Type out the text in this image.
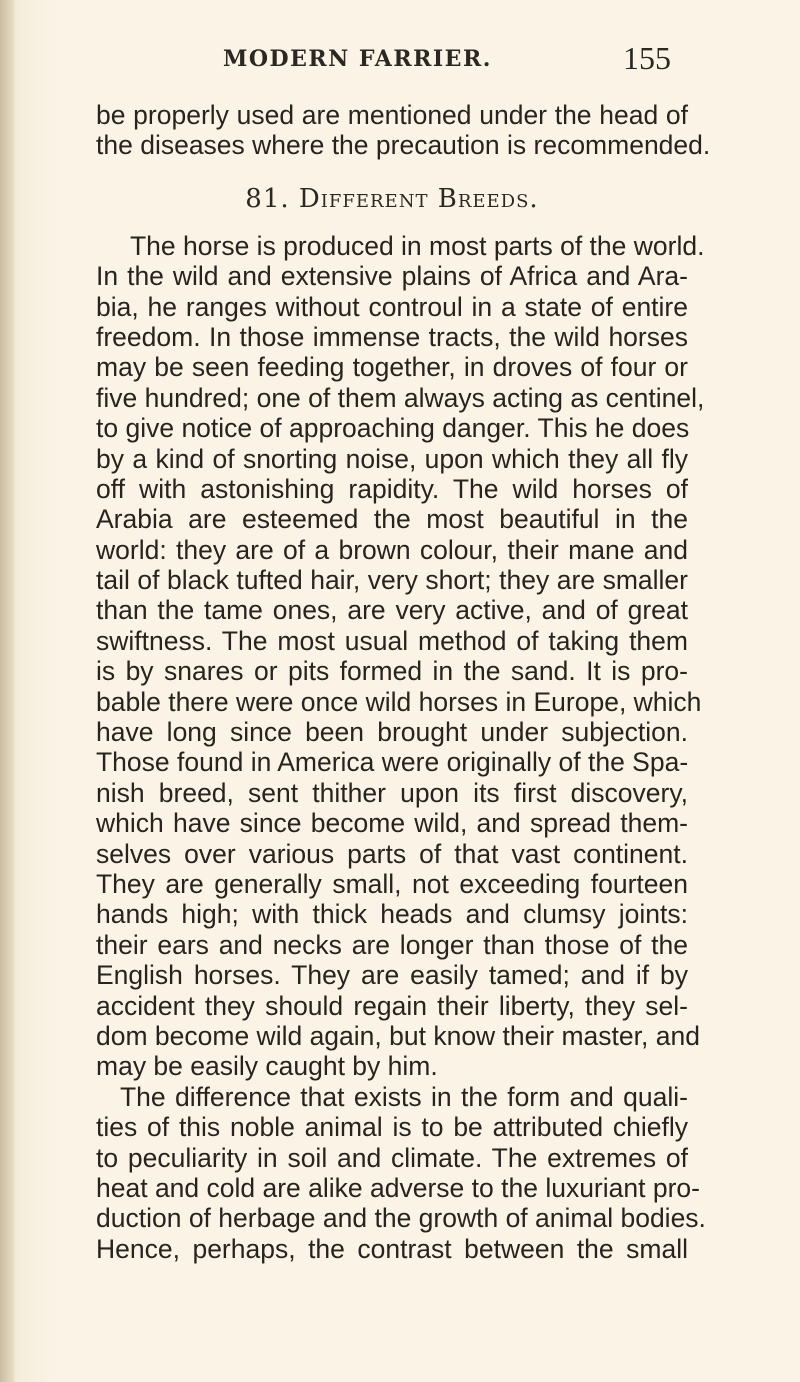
MODERN FARRIER.	155
be properly used are mentioned under the head of
the diseases where the precaution is recommended.
81. Different Breeds.
The horse is produced in most parts of the world.
In the wild and extensive plains of Africa and Ara-
bia, he ranges without controul in a state of entire
freedom. In those immense tracts, the wild horses
may be seen feeding together, in droves of four or
five hundred; one of them always acting as centinel,
to give notice of approaching danger. This he does
by a kind of snorting noise, upon which they all fly
off with astonishing rapidity. The wild horses of
Arabia are esteemed the most beautiful in the
world: they are of a brown colour, their mane and
tail of black tufted hair, very short; they are smaller
than the tame ones, are very active, and of great
swiftness. The most usual method of taking them
is by snares or pits formed in the sand. It is pro-
bable there were once wild horses in Europe, which
have long since been brought under subjection.
Those found in America were originally of the Spa-
nish breed, sent thither upon its first discovery,
which have since become wild, and spread them-
selves over various parts of that vast continent.
They are generally small, not exceeding fourteen
hands high; with thick heads and clumsy joints:
their ears and necks are longer than those of the
English horses. They are easily tamed; and if by
accident they should regain their liberty, they sel-
dom become wild again, but know their master, and
may be easily caught by him.
The difference that exists in the form and quali-
ties of this noble animal is to be attributed chiefly
to peculiarity in soil and climate. The extremes of
heat and cold are alike adverse to the luxuriant pro-
duction of herbage and the growth of animal bodies.
Hence, perhaps, the contrast between the small
